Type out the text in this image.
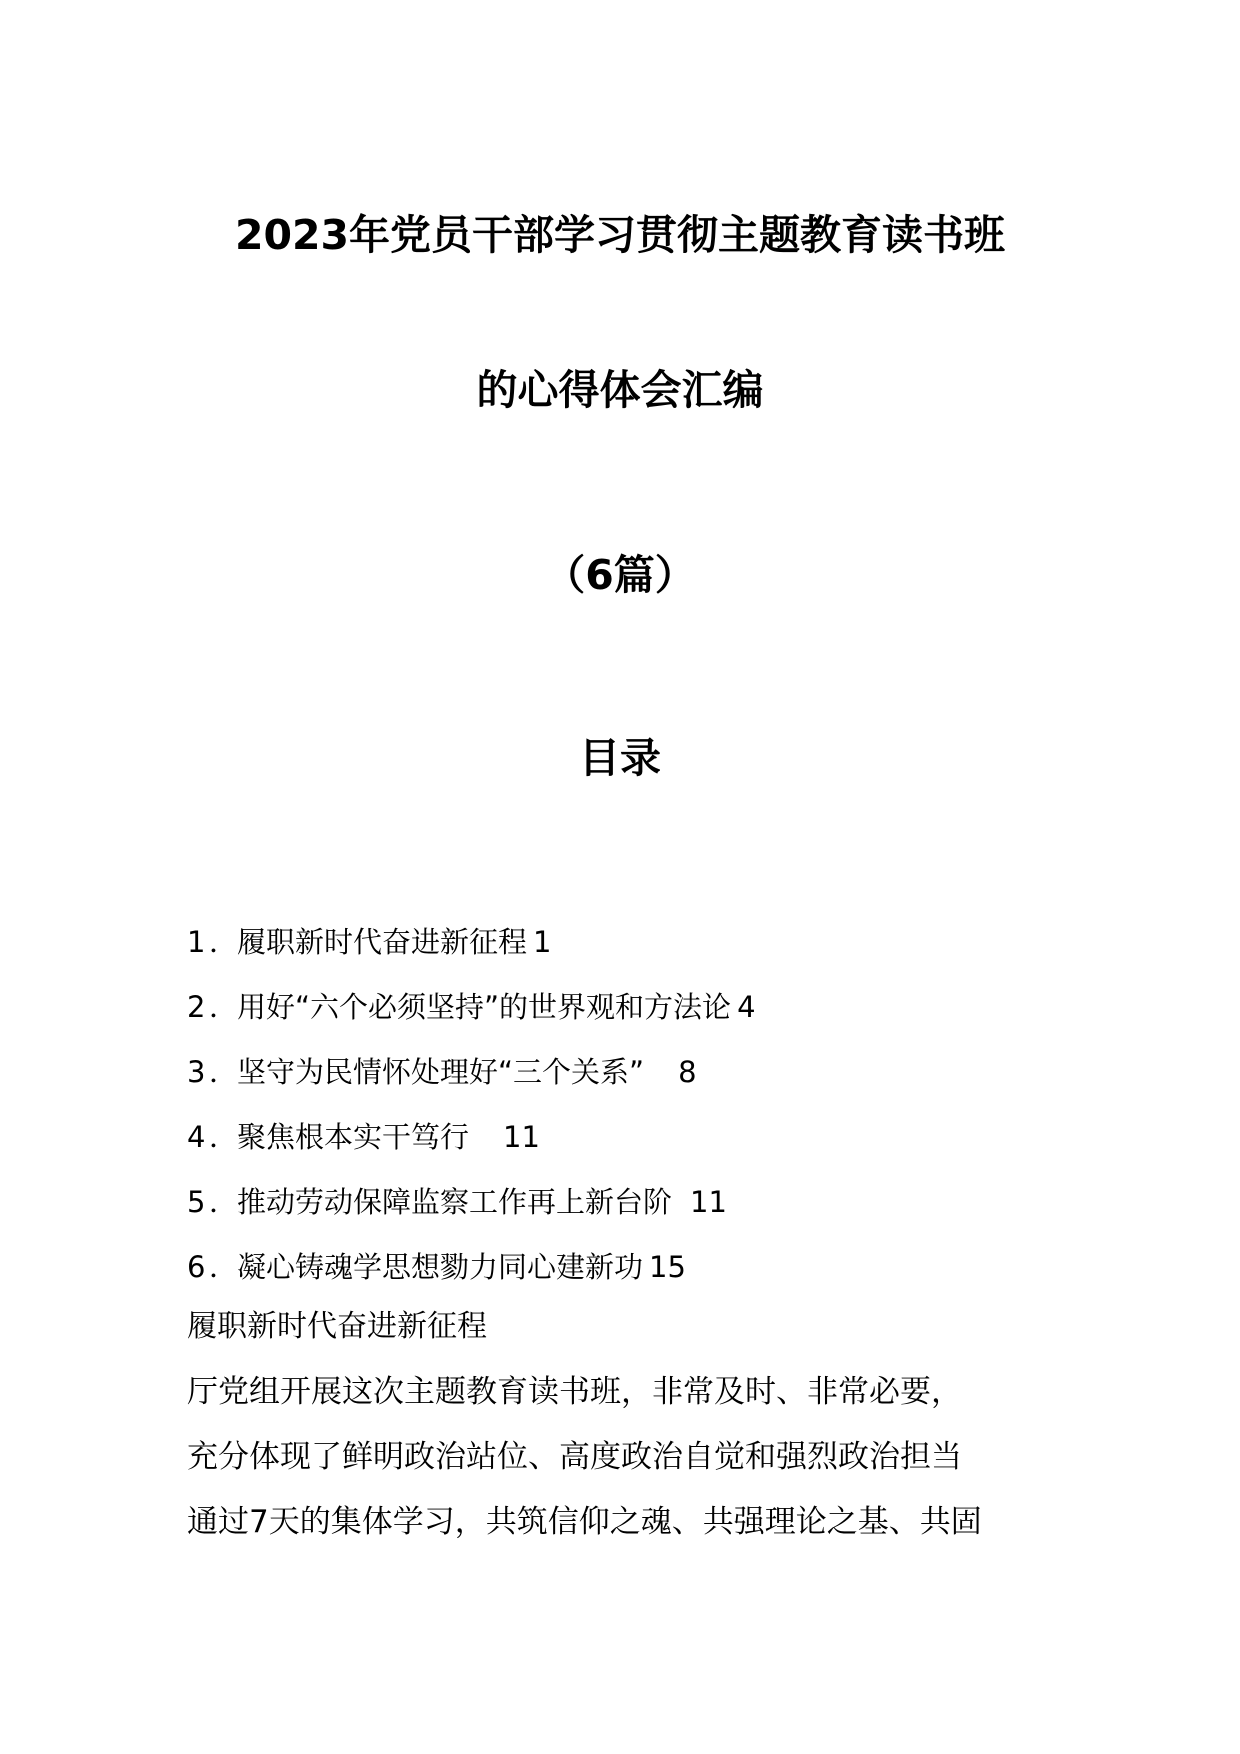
2023年党员干部学习贯彻主题教育读书班
的心得体会汇编
（6篇）
目录
1 ．履职新时代奋进新征程 1
2 ．用好“六个必须坚持”的世界观和方法论 4
3 ．坚守为民情怀处理好“三个关系” 8
4 ．聚焦根本实干笃行 11
5 ．推动劳动保障监察工作再上新台阶 11
6 ．凝心铸魂学思想勠力同心建新功 15
履职新时代奋进新征程
厅党组开展这次主题教育读书班，非常及时、非常必要，
充分体现了鲜明政治站位、高度政治自觉和强烈政治担当
通过7天的集体学习，共筑信仰之魂、共强理论之基、共固
